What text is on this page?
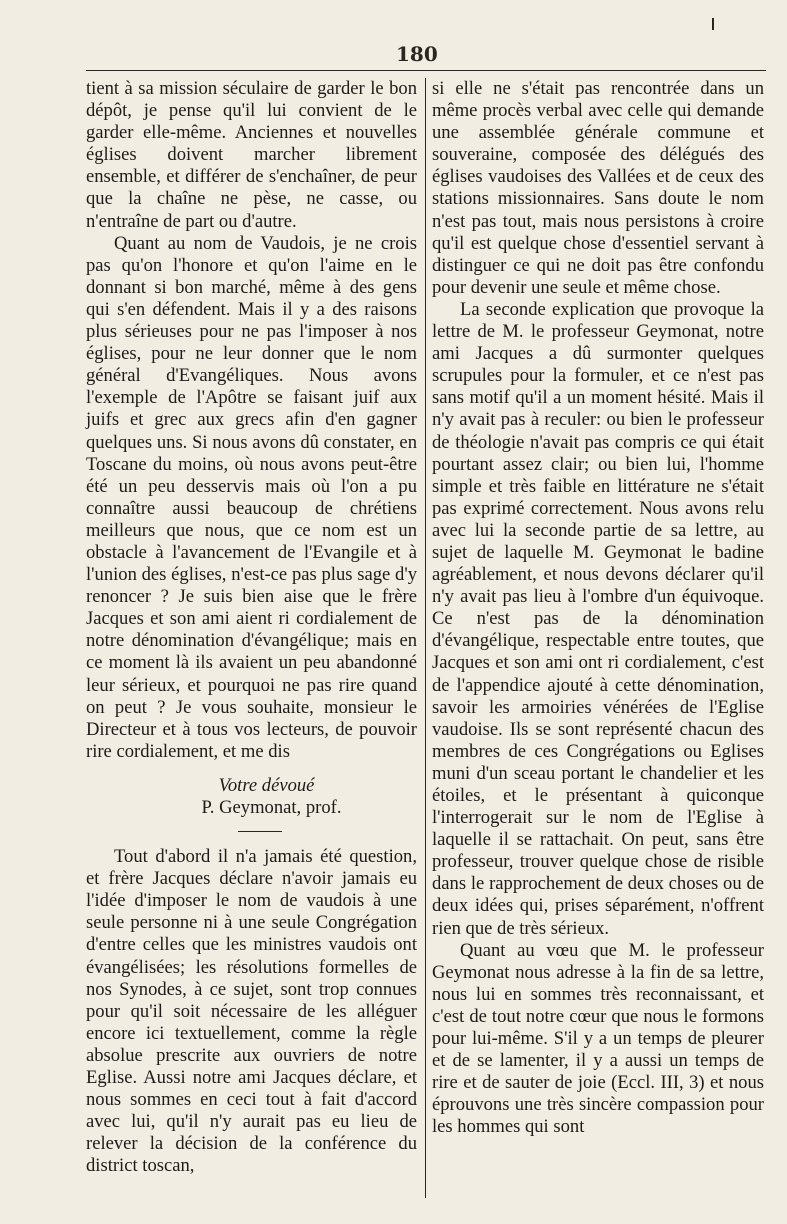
180

tient à sa mission séculaire de garder le bon dépôt, je pense qu'il lui convient de le garder elle-même. Anciennes et nouvelles églises doivent marcher librement ensemble, et différer de s'enchaîner, de peur que la chaîne ne pèse, ne casse, ou n'entraîne de part ou d'autre.

Quant au nom de Vaudois, je ne crois pas qu'on l'honore et qu'on l'aime en le donnant si bon marché, même à des gens qui s'en défendent. Mais il y a des raisons plus sérieuses pour ne pas l'imposer à nos églises, pour ne leur donner que le nom général d'Evangéliques. Nous avons l'exemple de l'Apôtre se faisant juif aux juifs et grec aux grecs afin d'en gagner quelques uns. Si nous avons dû constater, en Toscane du moins, où nous avons peut-être été un peu desservis mais où l'on a pu connaître aussi beaucoup de chrétiens meilleurs que nous, que ce nom est un obstacle à l'avancement de l'Evangile et à l'union des églises, n'est-ce pas plus sage d'y renoncer ? Je suis bien aise que le frère Jacques et son ami aient ri cordialement de notre dénomination d'évangélique; mais en ce moment là ils avaient un peu abandonné leur sérieux, et pourquoi ne pas rire quand on peut ? Je vous souhaite, monsieur le Directeur et à tous vos lecteurs, de pouvoir rire cordialement, et me dis

Votre dévoué

P. Geymonat, prof.

Tout d'abord il n'a jamais été question, et frère Jacques déclare n'avoir jamais eu l'idée d'imposer le nom de vaudois à une seule personne ni à une seule Congrégation d'entre celles que les ministres vaudois ont évangélisées; les résolutions formelles de nos Synodes, à ce sujet, sont trop connues pour qu'il soit nécessaire de les alléguer encore ici textuellement, comme la règle absolue prescrite aux ouvriers de notre Eglise. Aussi notre ami Jacques déclare, et nous sommes en ceci tout à fait d'accord avec lui, qu'il n'y aurait pas eu lieu de relever la décision de la conférence du district toscan,

si elle ne s'était pas rencontrée dans un même procès verbal avec celle qui demande une assemblée générale commune et souveraine, composée des délégués des églises vaudoises des Vallées et de ceux des stations missionnaires. Sans doute le nom n'est pas tout, mais nous persistons à croire qu'il est quelque chose d'essentiel servant à distinguer ce qui ne doit pas être confondu pour devenir une seule et même chose.

La seconde explication que provoque la lettre de M. le professeur Geymonat, notre ami Jacques a dû surmonter quelques scrupules pour la formuler, et ce n'est pas sans motif qu'il a un moment hésité. Mais il n'y avait pas à reculer: ou bien le professeur de théologie n'avait pas compris ce qui était pourtant assez clair; ou bien lui, l'homme simple et très faible en littérature ne s'était pas exprimé correctement. Nous avons relu avec lui la seconde partie de sa lettre, au sujet de laquelle M. Geymonat le badine agréablement, et nous devons déclarer qu'il n'y avait pas lieu à l'ombre d'un équivoque. Ce n'est pas de la dénomination d'évangélique, respectable entre toutes, que Jacques et son ami ont ri cordialement, c'est de l'appendice ajouté à cette dénomination, savoir les armoiries vénérées de l'Eglise vaudoise. Ils se sont représenté chacun des membres de ces Congrégations ou Eglises muni d'un sceau portant le chandelier et les étoiles, et le présentant à quiconque l'interrogerait sur le nom de l'Eglise à laquelle il se rattachait. On peut, sans être professeur, trouver quelque chose de risible dans le rapprochement de deux choses ou de deux idées qui, prises séparément, n'offrent rien que de très sérieux.

Quant au vœu que M. le professeur Geymonat nous adresse à la fin de sa lettre, nous lui en sommes très reconnaissant, et c'est de tout notre cœur que nous le formons pour lui-même. S'il y a un temps de pleurer et de se lamenter, il y a aussi un temps de rire et de sauter de joie (Eccl. III, 3) et nous éprouvons une très sincère compassion pour les hommes qui sont
